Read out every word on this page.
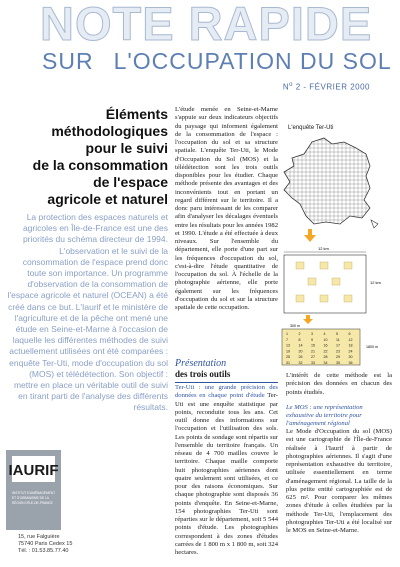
NOTE RAPIDE
SUR L'OCCUPATION DU SOL
$N^o$ 2 - FÉVRIER 2000
Éléments
méthodologiques
pour le suivi
de la consommation
de l'espace
agricole et naturel
La protection des espaces naturels et agricoles en Île-de-France est une des priorités du schéma directeur de 1994. L'observation et le suivi de la consommation de l'espace prend donc toute son importance. Un programme d'observation de la consommation de l'espace agricole et naturel (OCEAN) a été créé dans ce but. L'Iaurif et le ministère de l'agriculture et de la pêche ont mené une étude en Seine-et-Marne à l'occasion de laquelle les différentes méthodes de suivi actuellement utilisées ont été comparées : enquête Ter-Uti, mode d'occupation du sol (MOS) et télédétection. Son objectif : mettre en place un véritable outil de suivi en tirant parti de l'analyse des différents résultats.
IAURIF
INSTITUT D'AMÉNAGEMENT
ET D'URBANISME DE LA
RÉGION D'ÎLE-DE-FRANCE
15, rue Falguière
75740 Paris Cedex 15
Tél. : 01.53.85.77.40
L'étude menée en Seine-et-Marne s'appuie sur deux indicateurs objectifs du paysage qui informent également de la consommation de l'espace : l'occupation du sol et sa structure spatiale. L'enquête Ter-Uti, le Mode d'Occupation du Sol (MOS) et la télédétection sont les trois outils disponibles pour les étudier. Chaque méthode présente des avantages et des inconvénients tout en portant un regard différent sur le territoire. Il a donc paru intéressant de les comparer afin d'analyser les décalages éventuels entre les résultats pour les années 1982 et 1990. L'étude a été effectuée à deux niveaux. Sur l'ensemble du département, elle porte d'une part sur les fréquences d'occupation du sol, c'est-à-dire l'étude quantitative de l'occupation du sol. À l'échelle de la photographie aérienne, elle porte également sur les fréquences d'occupation du sol et sur la structure spatiale de cette occupation.
Présentation
des trois outils
Ter-Uti : une grande précision des données en chaque point d'étude Ter-Uti est une enquête statistique par points, reconduite tous les ans. Cet outil donne des informations sur l'occupation et l'utilisation des sols. Les points de sondage sont répartis sur l'ensemble du territoire français. Un réseau de 4 700 mailles couvre le territoire. Chaque maille comporte huit photographies aériennes dont quatre seulement sont utilisées, et ce pour des raisons économiques. Sur chaque photographie sont disposés 36 points d'enquête. En Seine-et-Marne, 154 photographies Ter-Uti sont réparties sur le département, soit 5 544 points d'étude. Les photographies correspondent à des zones d'études carrées de 1 800 m x 1 800 m, soit 324 hectares.
L'enquête Ter-Uti
12 km
12 km
300 m
1800 m
1	2	3	4	5	6
7	8	9	10 11 12
13 14 15 16 17 18
19 20 21 22 23 24
25 26 27 28 29 30
31 32 33 34 35 36
L'intérêt de cette méthode est la précision des données en chacun des points étudiés.
Le MOS : une représentation exhaustive du territoire pour l'aménagement régional
Le Mode d'Occupation du sol (MOS) est une cartographie de l'Île-de-France réalisée à l'Iaurif à partir de photographies aériennes. Il s'agit d'une représentation exhaustive du territoire, utilisée essentiellement en terme d'aménagement régional. La taille de la plus petite entité cartographiée est de 625 m². Pour comparer les mêmes zones d'étude à celles étudiées par la méthode Ter-Uti, l'emplacement des photographies Ter-Uti a été localisé sur le MOS en Seine-et-Marne.
